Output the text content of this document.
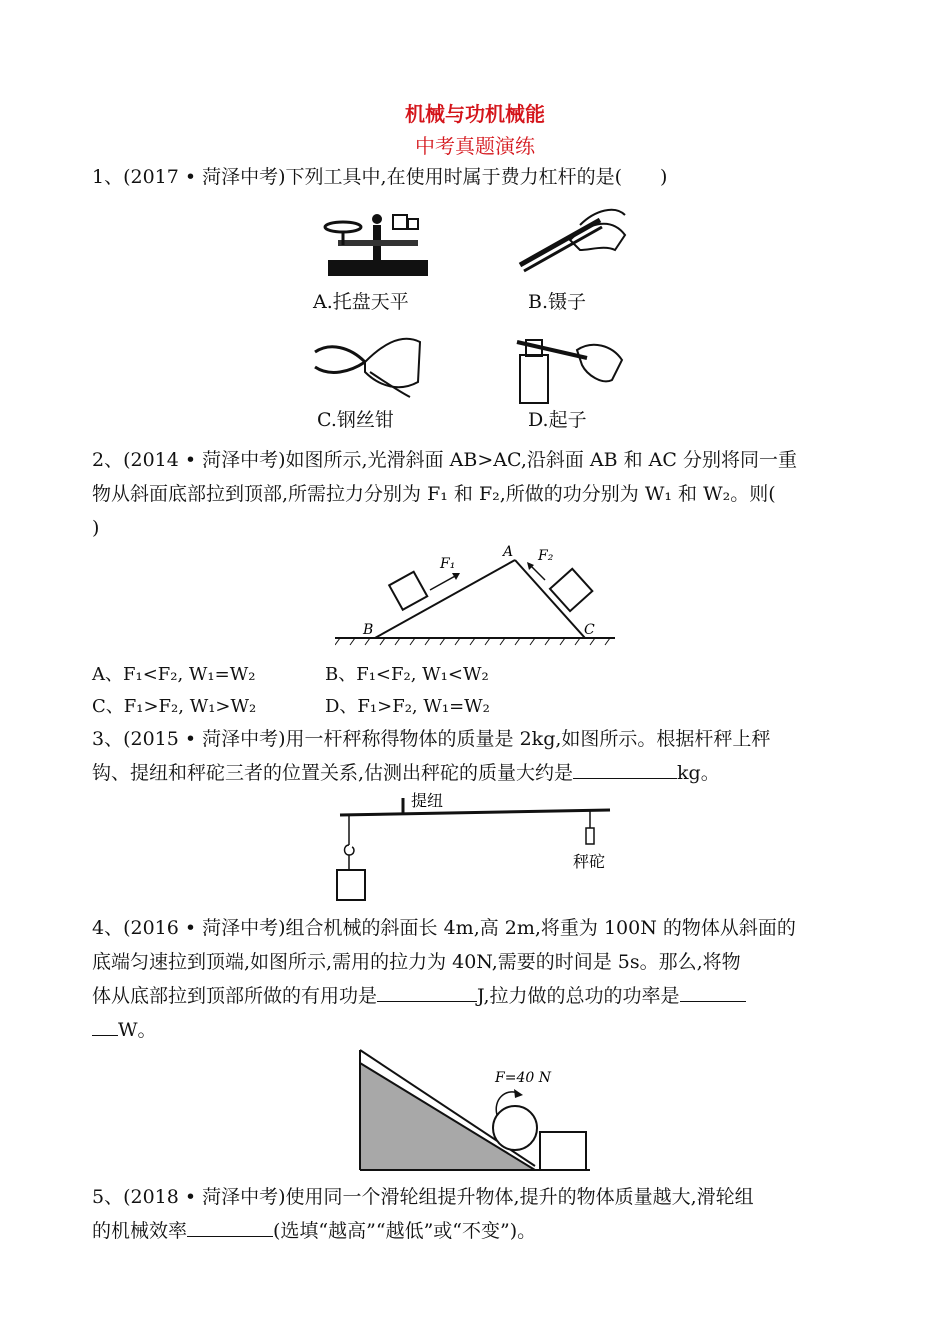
机械与功机械能
中考真题演练
1、(2017 • 菏泽中考)下列工具中,在使用时属于费力杠杆的是(　　)
A.托盘天平	B.镊子
C.钢丝钳	D.起子
2、(2014 • 菏泽中考)如图所示,光滑斜面 AB>AC,沿斜面 AB 和 AC 分别将同一重
物从斜面底部拉到顶部,所需拉力分别为 F₁ 和 F₂,所做的功分别为 W₁ 和 W₂。则(
)
F₁	F₂
A
B	C
A、F₁<F₂, W₁=W₂	B、F₁<F₂, W₁<W₂
C、F₁>F₂, W₁>W₂	D、F₁>F₂, W₁=W₂
3、(2015 • 菏泽中考)用一杆秤称得物体的质量是 2kg,如图所示。根据杆秤上秤
钩、提纽和秤砣三者的位置关系,估测出秤砣的质量大约是	kg。
提纽
秤砣
4、(2016 • 菏泽中考)组合机械的斜面长 4m,高 2m,将重为 100N 的物体从斜面的
底端匀速拉到顶端,如图所示,需用的拉力为 40N,需要的时间是 5s。那么,将物
体从底部拉到顶部所做的有用功是	J,拉力做的总功的功率是
W。
F=40 N
5、(2018 • 菏泽中考)使用同一个滑轮组提升物体,提升的物体质量越大,滑轮组
的机械效率	(选填“越高”“越低”或“不变”)。
